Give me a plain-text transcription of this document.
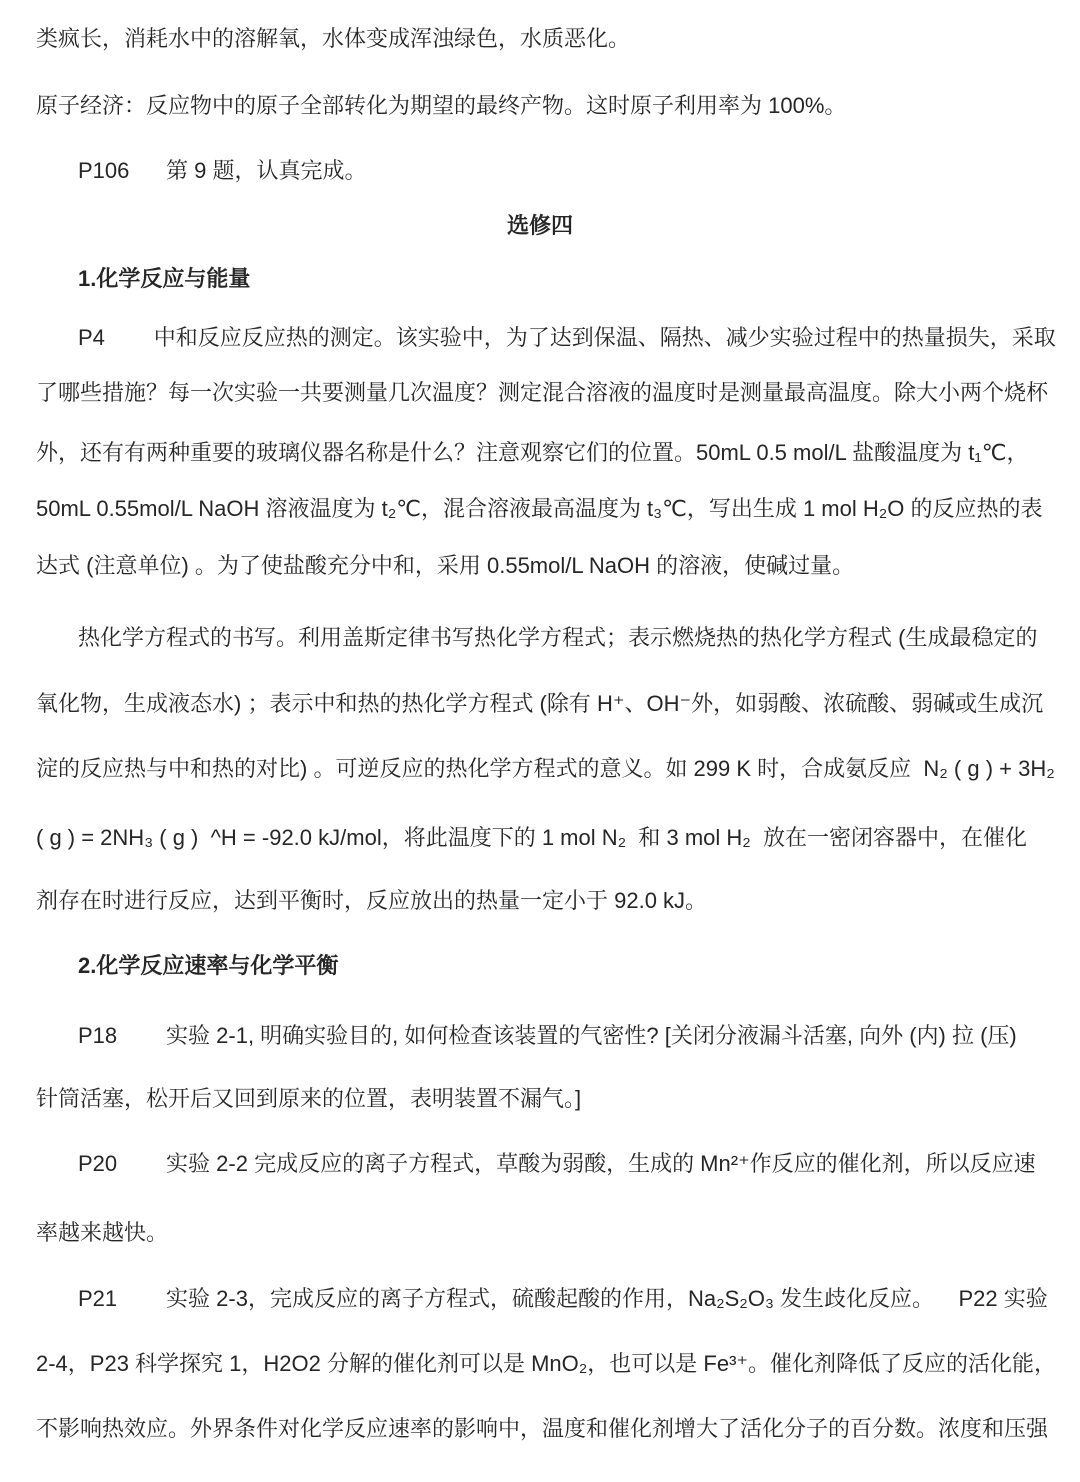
类疯长，消耗水中的溶解氧，水体变成浑浊绿色，水质恶化。
原子经济：反应物中的原子全部转化为期望的最终产物。这时原子利用率为 100%。
P106      第 9 题，认真完成。
选修四
1.化学反应与能量
P4        中和反应反应热的测定。该实验中，为了达到保温、隔热、减少实验过程中的热量损失，采取
了哪些措施？每一次实验一共要测量几次温度？测定混合溶液的温度时是测量最高温度。除大小两个烧杯
外，还有有两种重要的玻璃仪器名称是什么？注意观察它们的位置。50mL 0.5 mol/L 盐酸温度为 t₁℃，
50mL 0.55mol/L NaOH 溶液温度为 t₂℃，混合溶液最高温度为 t₃℃，写出生成 1 mol H₂O 的反应热的表
达式 (注意单位) 。为了使盐酸充分中和，采用 0.55mol/L NaOH 的溶液，使碱过量。
热化学方程式的书写。利用盖斯定律书写热化学方程式；表示燃烧热的热化学方程式 (生成最稳定的
氧化物，生成液态水) ；表示中和热的热化学方程式 (除有 H⁺、OH⁻外，如弱酸、浓硫酸、弱碱或生成沉
淀的反应热与中和热的对比) 。可逆反应的热化学方程式的意义。如 299 K 时，合成氨反应  N₂ ( g ) + 3H₂
( g ) = 2NH₃ ( g )  ^H = -92.0 kJ/mol，将此温度下的 1 mol N₂  和 3 mol H₂  放在一密闭容器中，在催化
剂存在时进行反应，达到平衡时，反应放出的热量一定小于 92.0 kJ。
2.化学反应速率与化学平衡
P18        实验 2-1, 明确实验目的, 如何检查该装置的气密性? [关闭分液漏斗活塞, 向外 (内) 拉 (压)
针筒活塞，松开后又回到原来的位置，表明装置不漏气。]
P20        实验 2-2 完成反应的离子方程式，草酸为弱酸，生成的 Mn²⁺作反应的催化剂，所以反应速
率越来越快。
P21        实验 2-3，完成反应的离子方程式，硫酸起酸的作用，Na₂S₂O₃ 发生歧化反应。    P22 实验
2-4，P23 科学探究 1，H2O2 分解的催化剂可以是 MnO₂，也可以是 Fe³⁺。催化剂降低了反应的活化能，
不影响热效应。外界条件对化学反应速率的影响中，温度和催化剂增大了活化分子的百分数。浓度和压强
